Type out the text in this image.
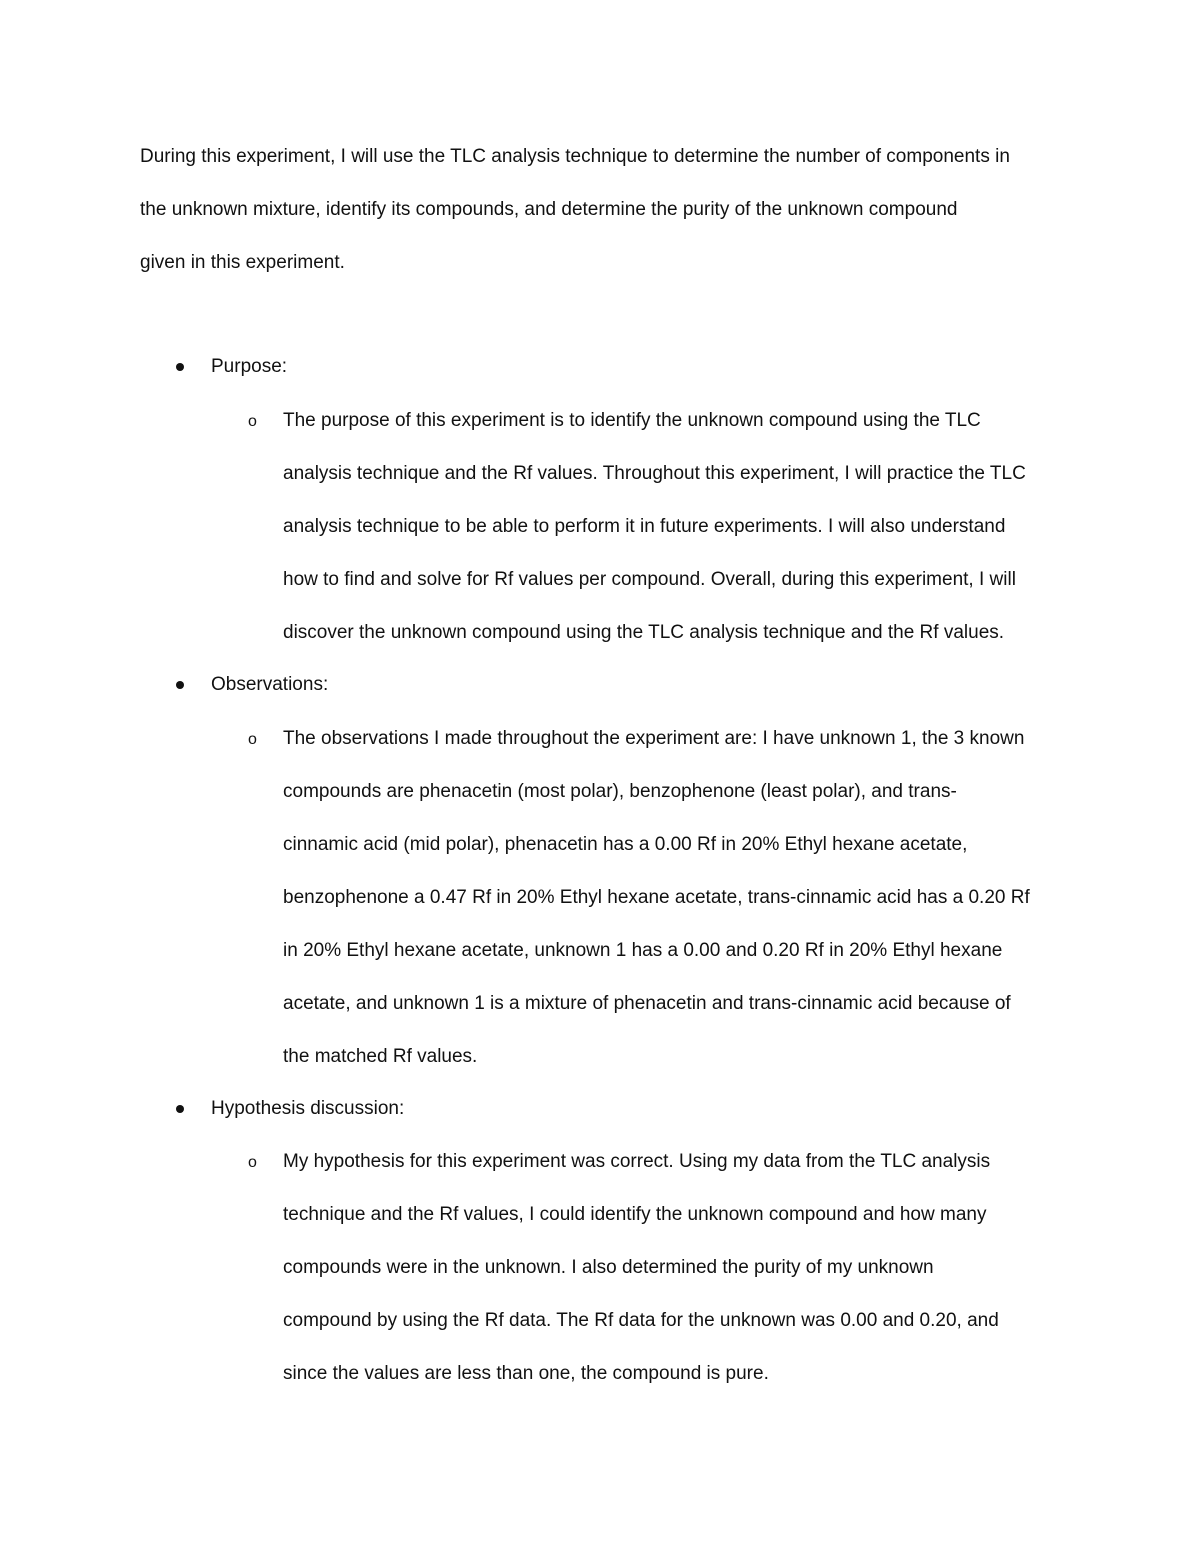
During this experiment, I will use the TLC analysis technique to determine the number of components in
the unknown mixture, identify its compounds, and determine the purity of the unknown compound
given in this experiment.
Purpose:
o The purpose of this experiment is to identify the unknown compound using the TLC
analysis technique and the Rf values. Throughout this experiment, I will practice the TLC
analysis technique to be able to perform it in future experiments. I will also understand
how to find and solve for Rf values per compound. Overall, during this experiment, I will
discover the unknown compound using the TLC analysis technique and the Rf values.
Observations:
o The observations I made throughout the experiment are: I have unknown 1, the 3 known
compounds are phenacetin (most polar), benzophenone (least polar), and trans-
cinnamic acid (mid polar), phenacetin has a 0.00 Rf in 20% Ethyl hexane acetate,
benzophenone a 0.47 Rf in 20% Ethyl hexane acetate, trans-cinnamic acid has a 0.20 Rf
in 20% Ethyl hexane acetate, unknown 1 has a 0.00 and 0.20 Rf in 20% Ethyl hexane
acetate, and unknown 1 is a mixture of phenacetin and trans-cinnamic acid because of
the matched Rf values.
Hypothesis discussion:
o My hypothesis for this experiment was correct. Using my data from the TLC analysis
technique and the Rf values, I could identify the unknown compound and how many
compounds were in the unknown. I also determined the purity of my unknown
compound by using the Rf data. The Rf data for the unknown was 0.00 and 0.20, and
since the values are less than one, the compound is pure.
